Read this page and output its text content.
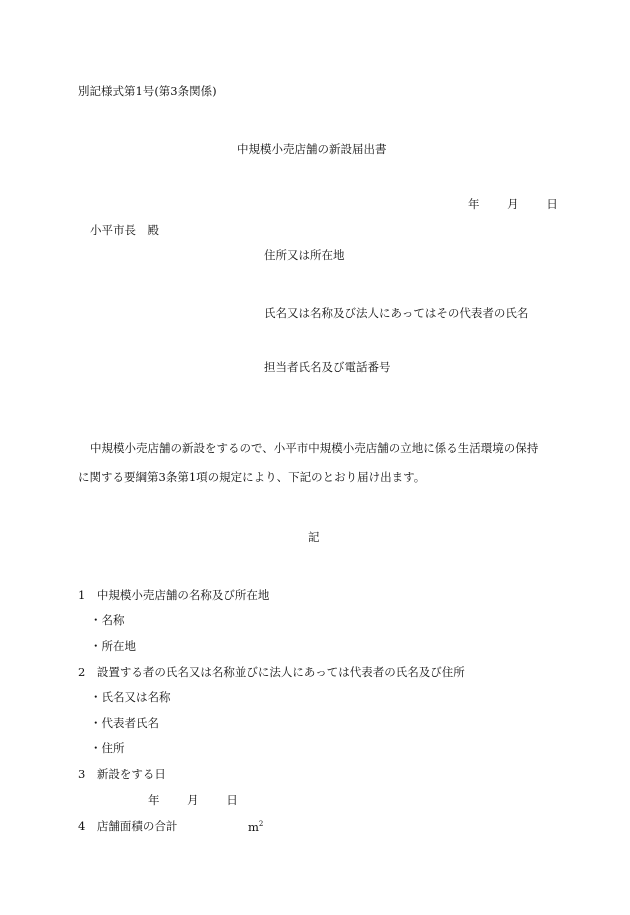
別記様式第1号(第3条関係)
中規模小売店舗の新設届出書
年 月 日
小平市長　殿
住所又は所在地
氏名又は名称及び法人にあってはその代表者の氏名
担当者氏名及び電話番号
中規模小売店舗の新設をするので、小平市中規模小売店舗の立地に係る生活環境の保持
に関する要綱第3条第1項の規定により、下記のとおり届け出ます。
記
1　中規模小売店舗の名称及び所在地
・名称
・所在地
2　設置する者の氏名又は名称並びに法人にあっては代表者の氏名及び住所
・氏名又は名称
・代表者氏名
・住所
3　新設をする日
年 月 日
4　店舗面積の合計	$m^2$
